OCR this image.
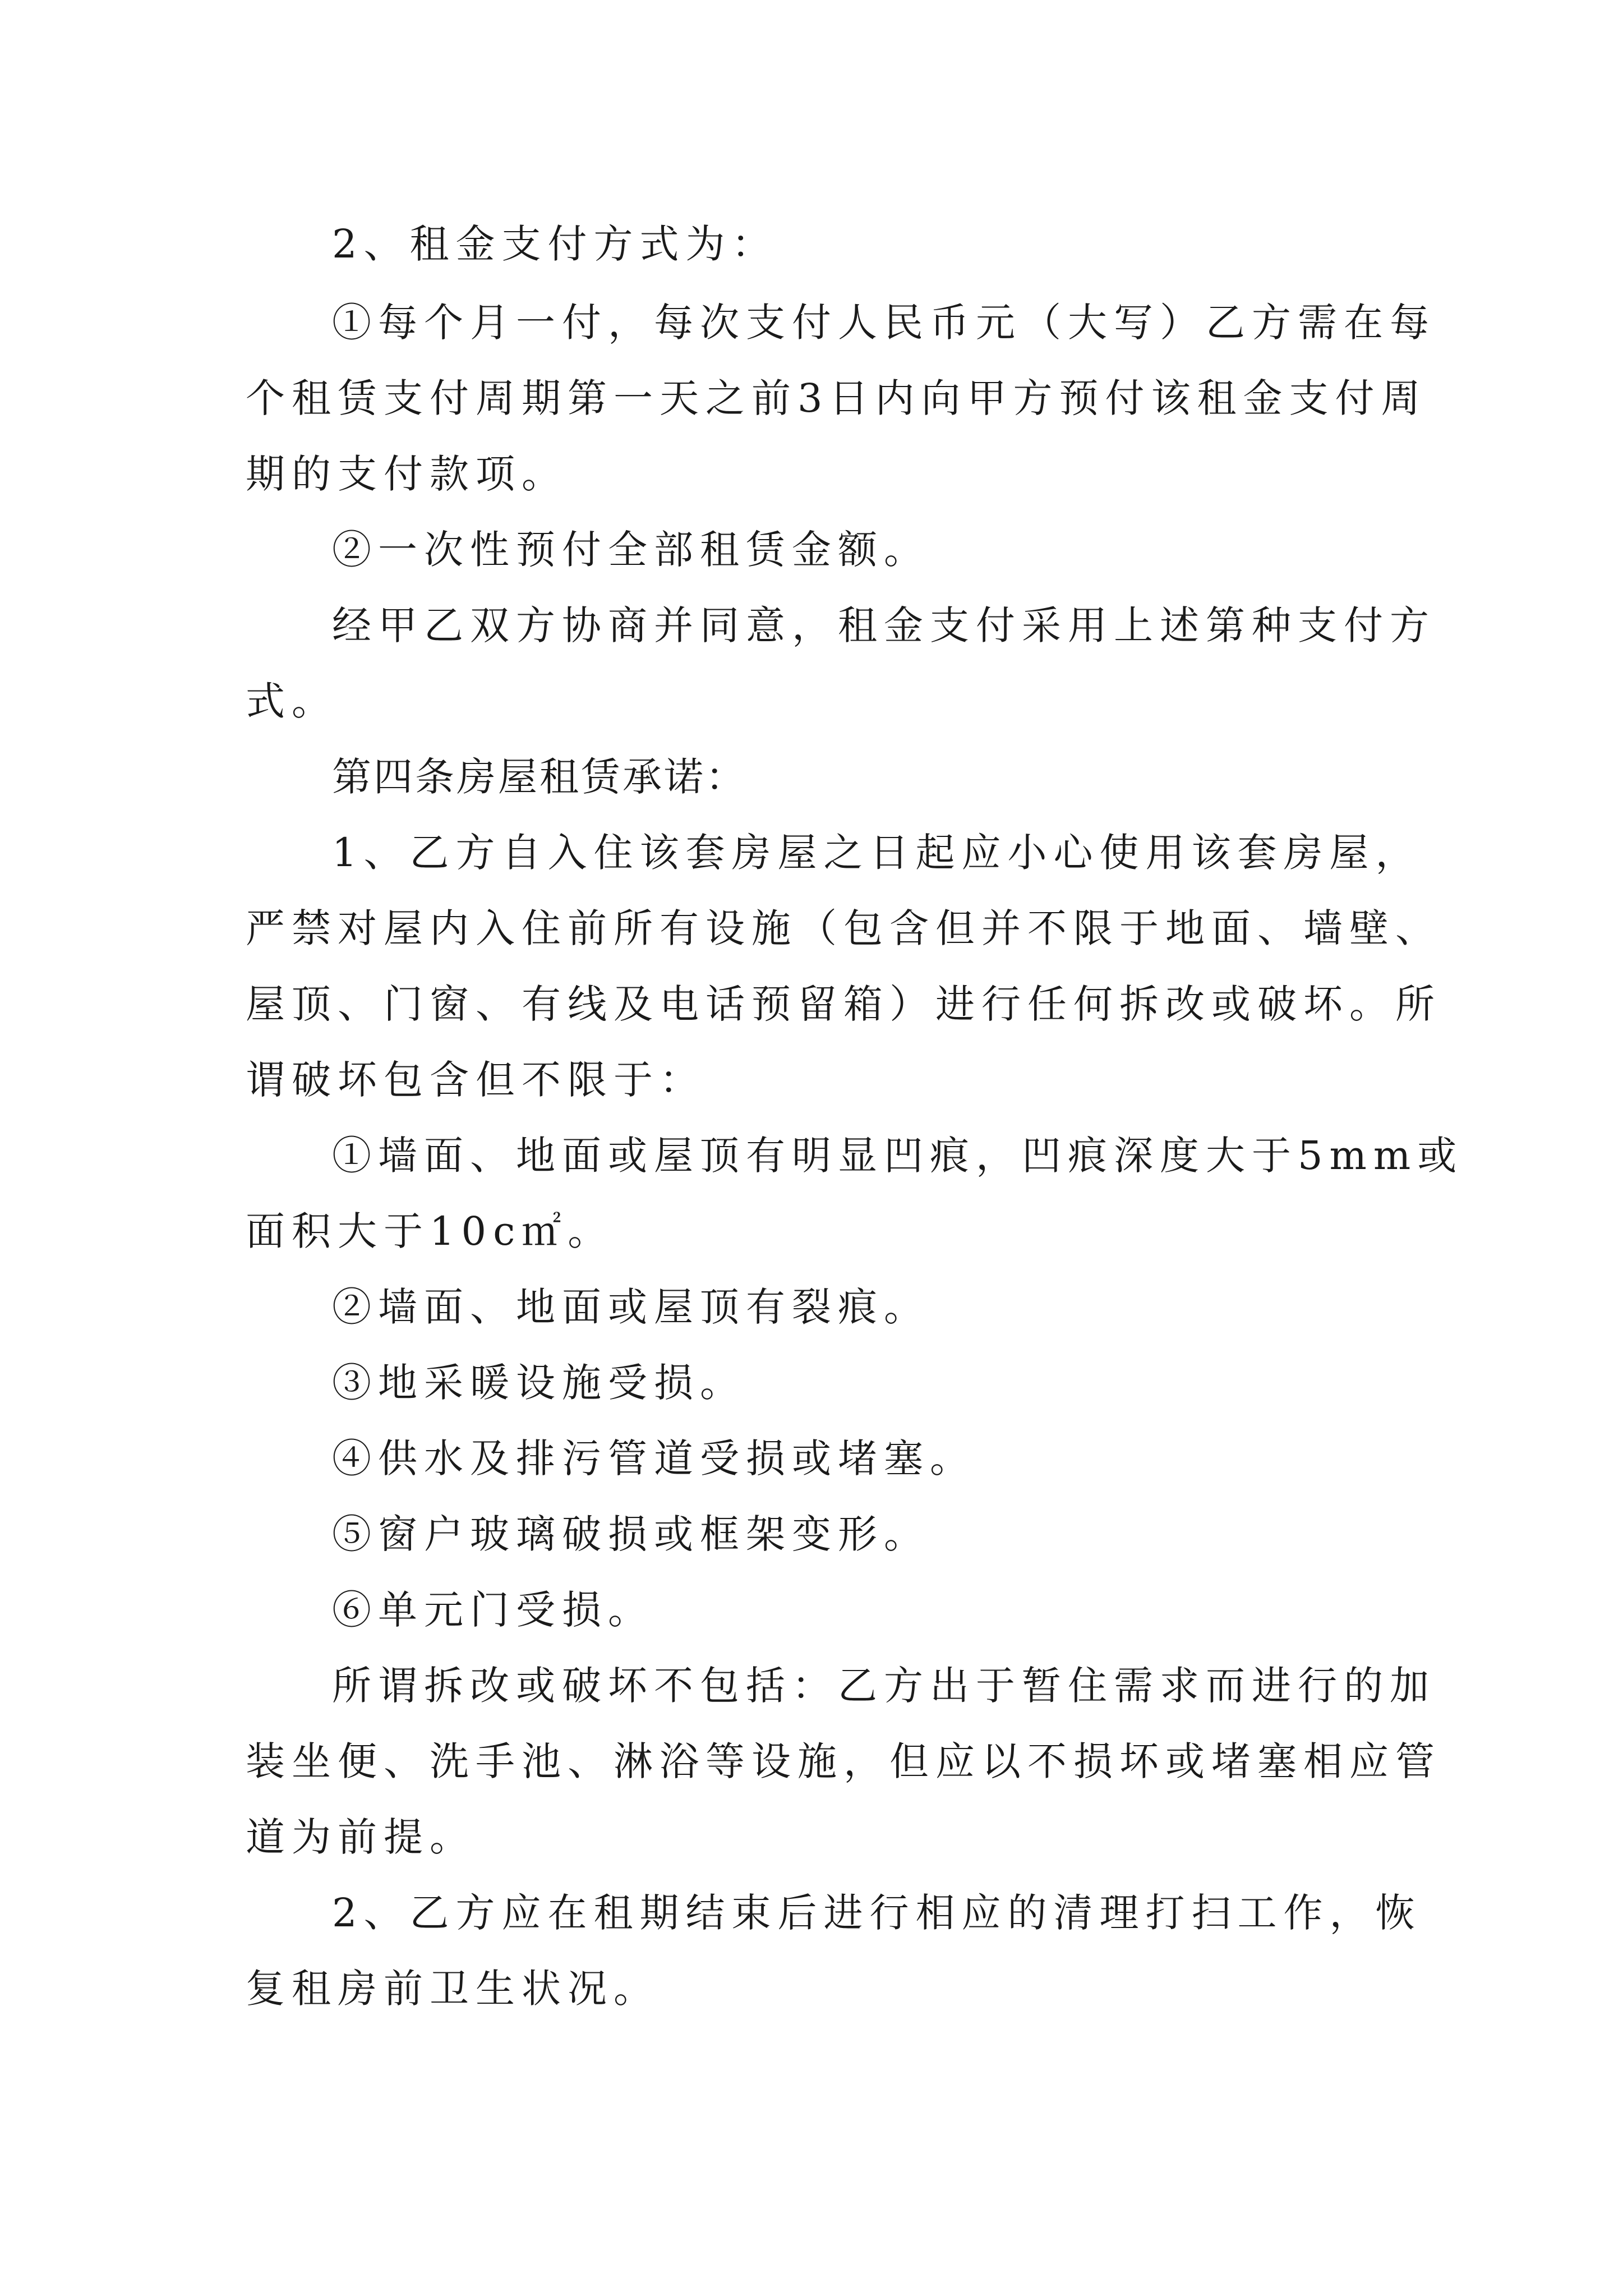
2、租金支付方式为：
①每个月一付，每次支付人民币元（大写）乙方需在每
个租赁支付周期第一天之前3日内向甲方预付该租金支付周
期的支付款项。
②一次性预付全部租赁金额。
经甲乙双方协商并同意，租金支付采用上述第种支付方
式。
第四条房屋租赁承诺：
1、乙方自入住该套房屋之日起应小心使用该套房屋，
严禁对屋内入住前所有设施（包含但并不限于地面、墙壁、
屋顶、门窗、有线及电话预留箱）进行任何拆改或破坏。所
谓破坏包含但不限于：
①墙面、地面或屋顶有明显凹痕，凹痕深度大于5mm或
面积大于10c㎡。
②墙面、地面或屋顶有裂痕。
③地采暖设施受损。
④供水及排污管道受损或堵塞。
⑤窗户玻璃破损或框架变形。
⑥单元门受损。
所谓拆改或破坏不包括：乙方出于暂住需求而进行的加
装坐便、洗手池、淋浴等设施，但应以不损坏或堵塞相应管
道为前提。
2、乙方应在租期结束后进行相应的清理打扫工作，恢
复租房前卫生状况。
